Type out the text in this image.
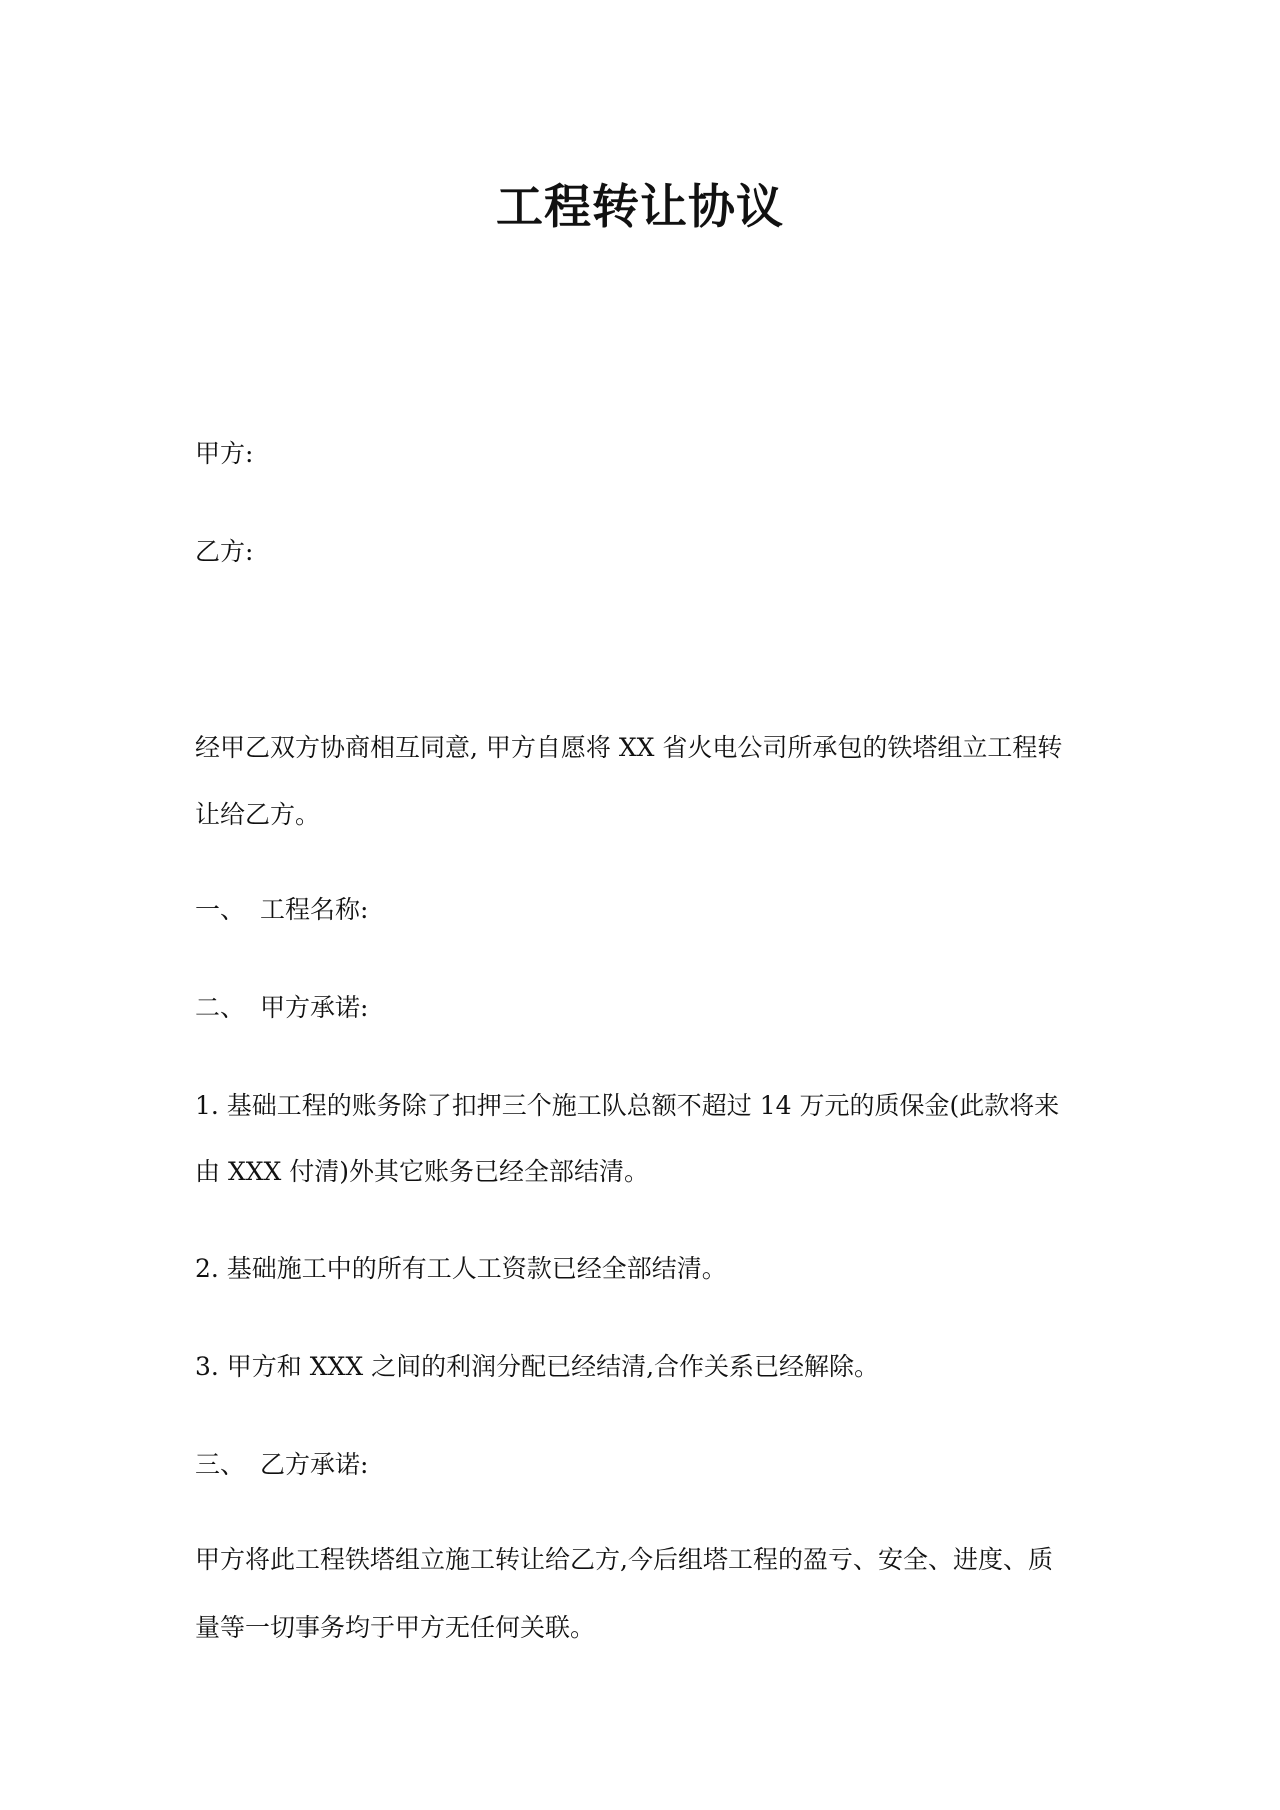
工程转让协议

甲方:

乙方:

经甲乙双方协商相互同意, 甲方自愿将 XX 省火电公司所承包的铁塔组立工程转

让给乙方。

一、 工程名称:

二、 甲方承诺:

1. 基础工程的账务除了扣押三个施工队总额不超过 14 万元的质保金(此款将来

由 XXX 付清)外其它账务已经全部结清。

2. 基础施工中的所有工人工资款已经全部结清。

3. 甲方和 XXX 之间的利润分配已经结清,合作关系已经解除。

三、 乙方承诺:

甲方将此工程铁塔组立施工转让给乙方,今后组塔工程的盈亏、安全、进度、质

量等一切事务均于甲方无任何关联。
